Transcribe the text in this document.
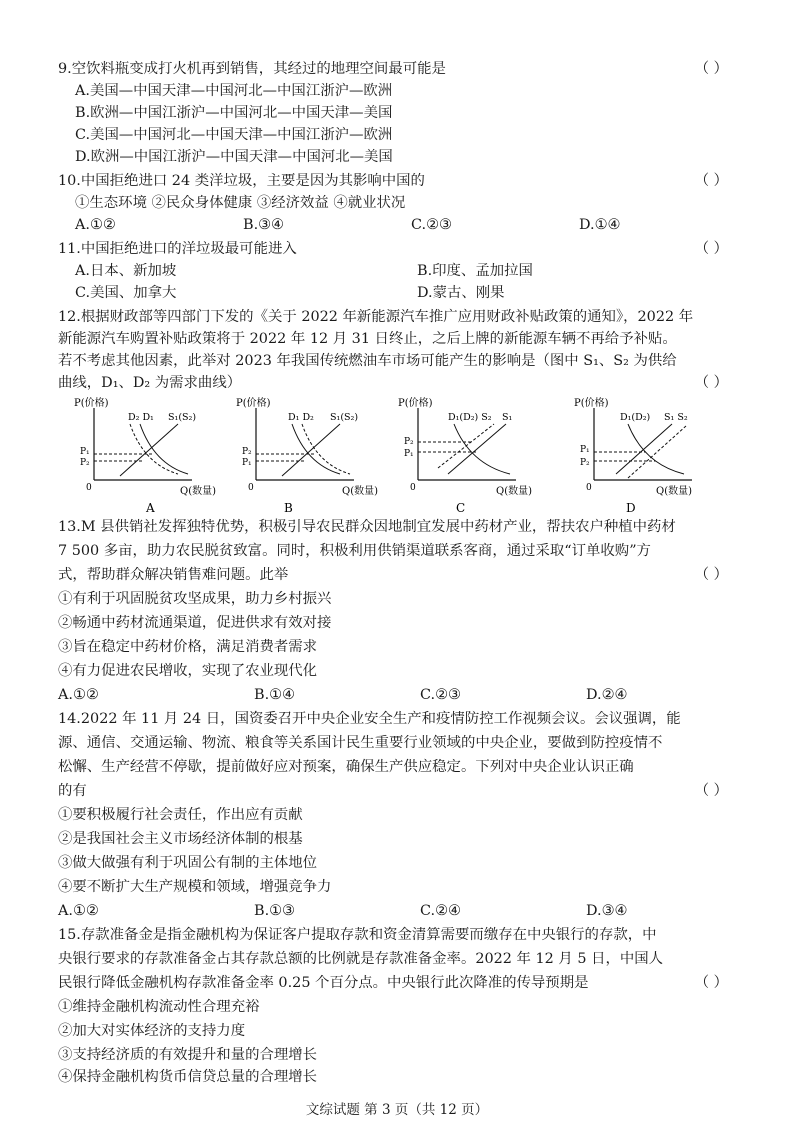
9.空饮料瓶变成打火机再到销售，其经过的地理空间最可能是	（ ）
A.美国—中国天津—中国河北—中国江浙沪—欧洲
B.欧洲—中国江浙沪—中国河北—中国天津—美国
C.美国—中国河北—中国天津—中国江浙沪—欧洲
D.欧洲—中国江浙沪—中国天津—中国河北—美国
10.中国拒绝进口 24 类洋垃圾，主要是因为其影响中国的	（ ）
①生态环境 ②民众身体健康 ③经济效益 ④就业状况
A.①②	B.③④	C.②③	D.①④
11.中国拒绝进口的洋垃圾最可能进入	（ ）
A.日本、新加坡	B.印度、孟加拉国
C.美国、加拿大	D.蒙古、刚果
12.根据财政部等四部门下发的《关于 2022 年新能源汽车推广应用财政补贴政策的通知》，2022 年
新能源汽车购置补贴政策将于 2022 年 12 月 31 日终止，之后上牌的新能源车辆不再给予补贴。
若不考虑其他因素，此举对 2023 年我国传统燃油车市场可能产生的影响是（图中 S₁、S₂ 为供给
曲线，D₁、D₂ 为需求曲线）	（ ）
P(价格)
D₂ D₁ S₁(S₂)
P₁
P₂
0	Q(数量)
A
P(价格)
D₁ D₂ S₁(S₂)
P₂
P₁
0	Q(数量)
B
P(价格)
D₁(D₂) S₂ S₁
P₂
P₁
0	Q(数量)
C
P(价格)
D₁(D₂) S₁ S₂
P₁
P₂
0	Q(数量)
D
13.M 县供销社发挥独特优势，积极引导农民群众因地制宜发展中药材产业，帮扶农户种植中药材
7 500 多亩，助力农民脱贫致富。同时，积极利用供销渠道联系客商，通过采取“订单收购”方
式，帮助群众解决销售难问题。此举	（ ）
①有利于巩固脱贫攻坚成果，助力乡村振兴
②畅通中药材流通渠道，促进供求有效对接
③旨在稳定中药材价格，满足消费者需求
④有力促进农民增收，实现了农业现代化
A.①②	B.①④	C.②③	D.②④
14.2022 年 11 月 24 日，国资委召开中央企业安全生产和疫情防控工作视频会议。会议强调，能
源、通信、交通运输、物流、粮食等关系国计民生重要行业领域的中央企业，要做到防控疫情不
松懈、生产经营不停歇，提前做好应对预案，确保生产供应稳定。下列对中央企业认识正确
的有	（ ）
①要积极履行社会责任，作出应有贡献
②是我国社会主义市场经济体制的根基
③做大做强有利于巩固公有制的主体地位
④要不断扩大生产规模和领域，增强竞争力
A.①②	B.①③	C.②④	D.③④
15.存款准备金是指金融机构为保证客户提取存款和资金清算需要而缴存在中央银行的存款，中
央银行要求的存款准备金占其存款总额的比例就是存款准备金率。2022 年 12 月 5 日，中国人
民银行降低金融机构存款准备金率 0.25 个百分点。中央银行此次降准的传导预期是	（ ）
①维持金融机构流动性合理充裕
②加大对实体经济的支持力度
③支持经济质的有效提升和量的合理增长
④保持金融机构货币信贷总量的合理增长
文综试题 第 3 页（共 12 页）
